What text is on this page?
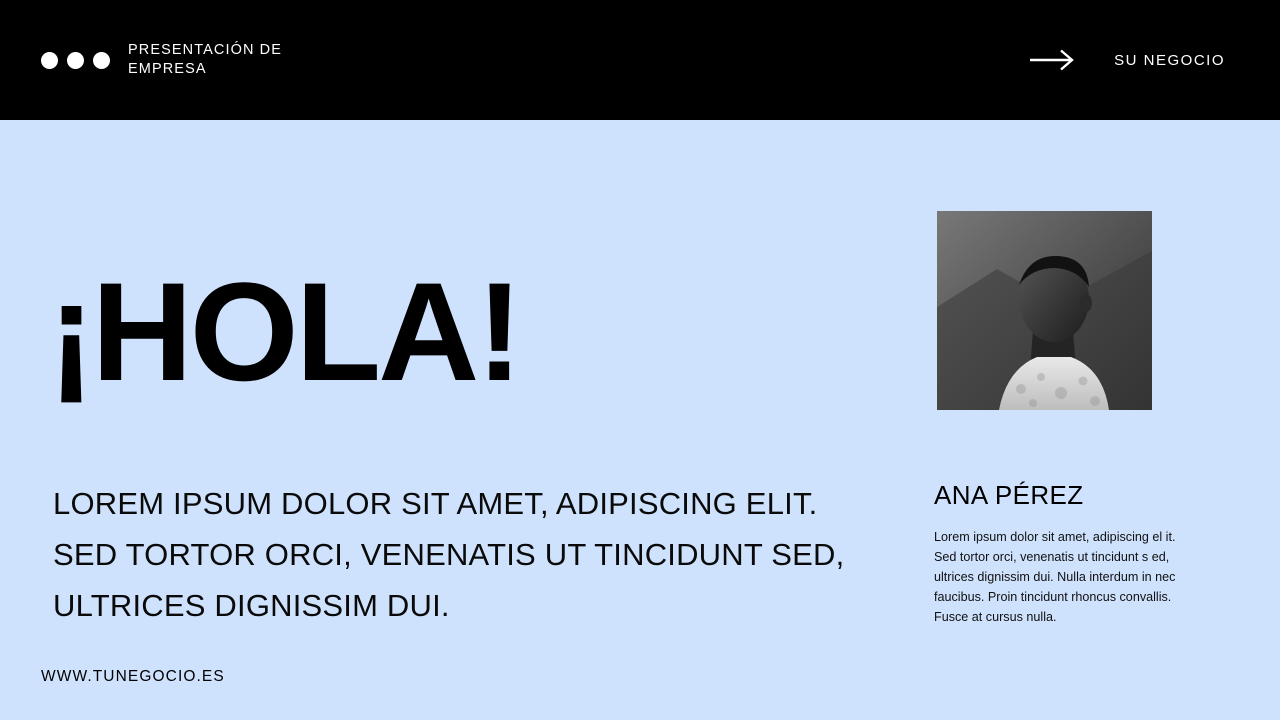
PRESENTACIÓN DE EMPRESA
SU NEGOCIO
¡HOLA!

LOREM IPSUM DOLOR SIT AMET, ADIPISCING ELIT. SED TORTOR ORCI, VENENATIS UT TINCIDUNT SED, ULTRICES DIGNISSIM DUI.

WWW.TUNEGOCIO.ES
ANA PÉREZ

Lorem ipsum dolor sit amet, adipiscing el it. Sed tortor orci, venenatis ut tincidunt s ed, ultrices dignissim dui. Nulla interdum in nec faucibus. Proin tincidunt rhoncus convallis. Fusce at cursus nulla.
